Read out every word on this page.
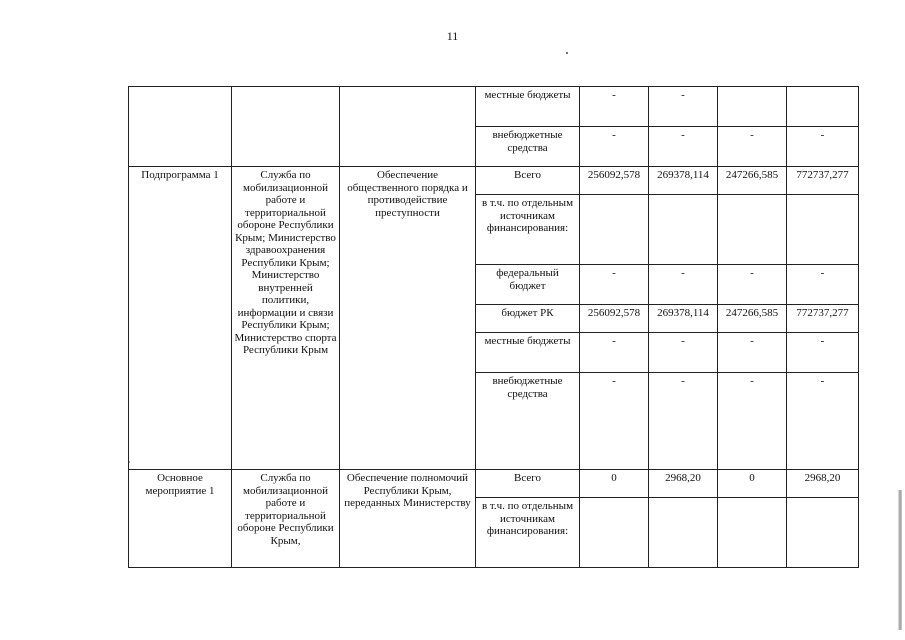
11
			местные бюджеты	-	-		
			внебюджетные средства	-	-	-	-
Подпрограмма 1	Служба по мобилизационной работе и территориальной обороне Республики Крым; Министерство здравоохранения Республики Крым; Министерство внутренней политики, информации и связи Республики Крым; Министерство спорта Республики Крым	Обеспечение общественного порядка и противодействие преступности	Всего	256092,578	269378,114	247266,585	772737,277
			в т.ч. по отдельным источникам финансирования:				
			федеральный бюджет	-	-	-	-
			бюджет РК	256092,578	269378,114	247266,585	772737,277
			местные бюджеты	-	-	-	-
			внебюджетные средства	-	-	-	-
Основное мероприятие 1	Служба по мобилизационной работе и территориальной обороне Республики Крым,	Обеспечение полномочий Республики Крым, переданных Министерству	Всего	0	2968,20	0	2968,20
			в т.ч. по отдельным источникам финансирования:				
